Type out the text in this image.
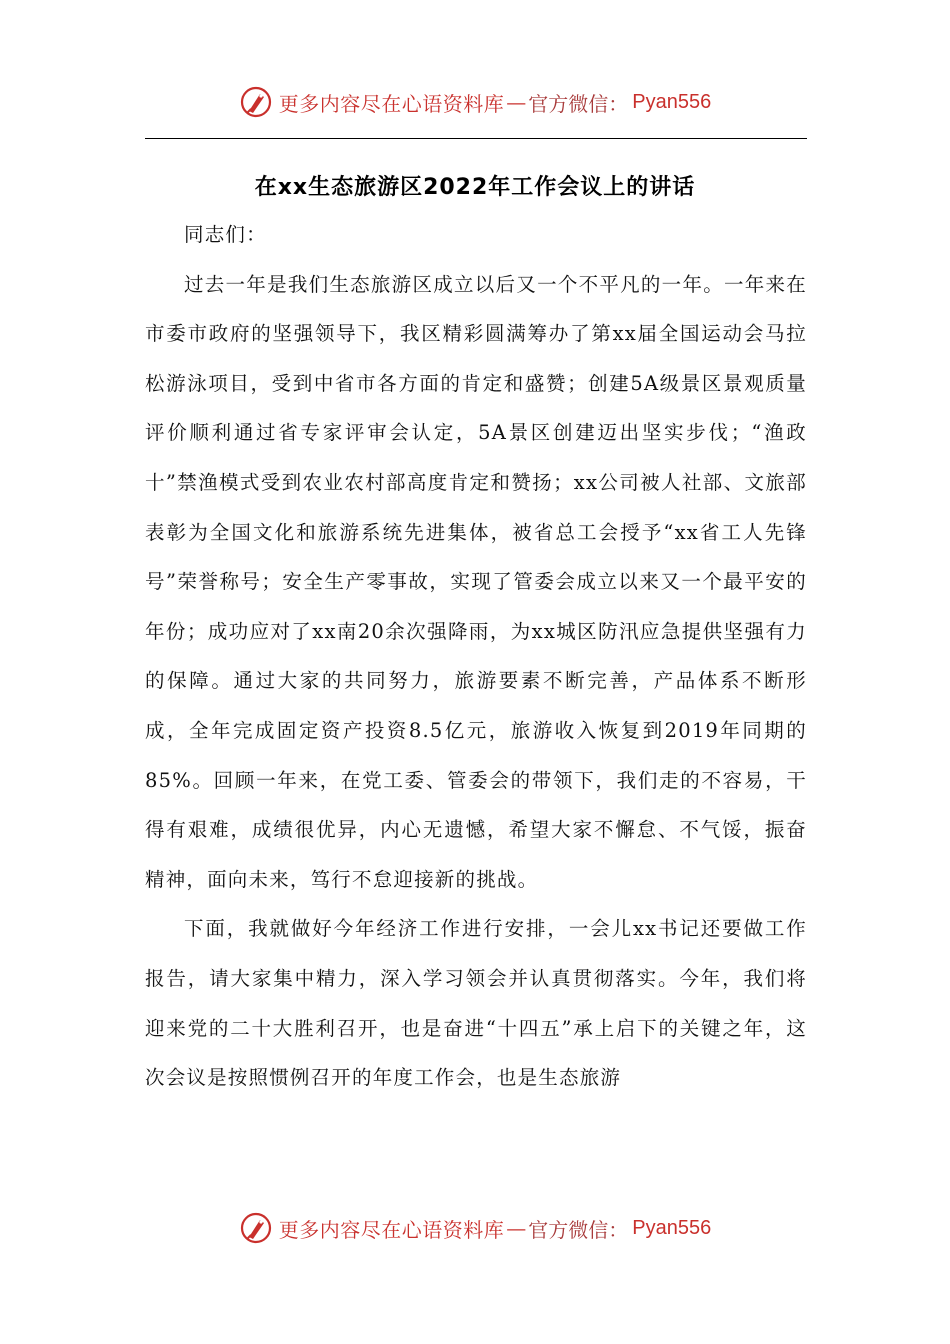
更多内容尽在心语资料库 — 官方微信： Pyan556
在xx生态旅游区2022年工作会议上的讲话

同志们：

过去一年是我们生态旅游区成立以后又一个不平凡的一年。一年来在市委市政府的坚强领导下，我区精彩圆满筹办了第xx届全国运动会马拉松游泳项目，受到中省市各方面的肯定和盛赞；创建5A级景区景观质量评价顺利通过省专家评审会认定，5A景区创建迈出坚实步伐；“渔政十”禁渔模式受到农业农村部高度肯定和赞扬；xx公司被人社部、文旅部表彰为全国文化和旅游系统先进集体，被省总工会授予“xx省工人先锋号”荣誉称号；安全生产零事故，实现了管委会成立以来又一个最平安的年份；成功应对了xx南20余次强降雨，为xx城区防汛应急提供坚强有力的保障。通过大家的共同努力，旅游要素不断完善，产品体系不断形成，全年完成固定资产投资8.5亿元，旅游收入恢复到2019年同期的85%。回顾一年来，在党工委、管委会的带领下，我们走的不容易，干得有艰难，成绩很优异，内心无遗憾，希望大家不懈怠、不气馁，振奋精神，面向未来，笃行不怠迎接新的挑战。

下面，我就做好今年经济工作进行安排，一会儿xx书记还要做工作报告，请大家集中精力，深入学习领会并认真贯彻落实。今年，我们将迎来党的二十大胜利召开，也是奋进“十四五”承上启下的关键之年，这次会议是按照惯例召开的年度工作会，也是生态旅游

更多内容尽在心语资料库 — 官方微信： Pyan556
